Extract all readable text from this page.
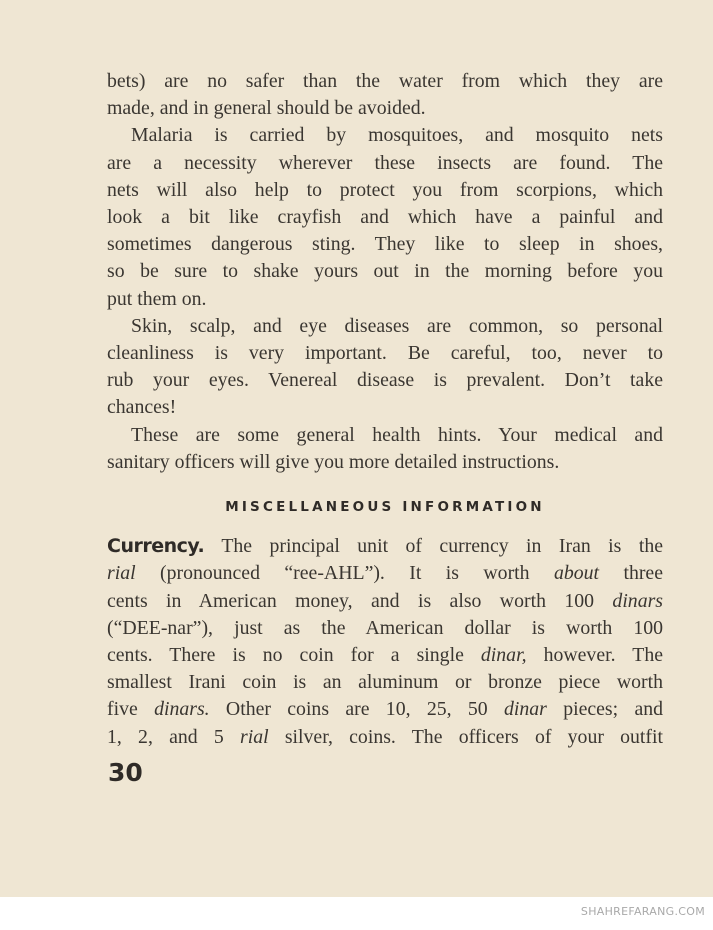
bets) are no safer than the water from which they are
made, and in general should be avoided.

Malaria is carried by mosquitoes, and mosquito nets
are a necessity wherever these insects are found. The
nets will also help to protect you from scorpions, which
look a bit like crayfish and which have a painful and
sometimes dangerous sting. They like to sleep in shoes,
so be sure to shake yours out in the morning before you
put them on.

Skin, scalp, and eye diseases are common, so personal
cleanliness is very important. Be careful, too, never to
rub your eyes. Venereal disease is prevalent. Don’t take
chances!

These are some general health hints. Your medical and
sanitary officers will give you more detailed instructions.

MISCELLANEOUS INFORMATION

Currency. The principal unit of currency in Iran is the
rial (pronounced “ree-AHL”). It is worth about three
cents in American money, and is also worth 100 dinars
(“DEE-nar”), just as the American dollar is worth 100
cents. There is no coin for a single dinar, however. The
smallest Irani coin is an aluminum or bronze piece worth
five dinars. Other coins are 10, 25, 50 dinar pieces; and
1, 2, and 5 rial silver, coins. The officers of your outfit

30
SHAHREFARANG.COM
